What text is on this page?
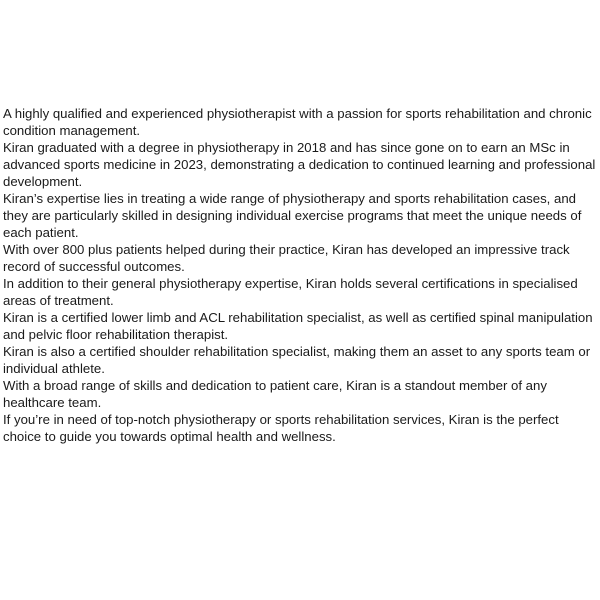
A highly qualified and experienced physiotherapist with a passion for sports rehabilitation and chronic condition management.

Kiran graduated with a degree in physiotherapy in 2018 and has since gone on to earn an MSc in advanced sports medicine in 2023, demonstrating a dedication to continued learning and professional development.

Kiran’s expertise lies in treating a wide range of physiotherapy and sports rehabilitation cases, and they are particularly skilled in designing individual exercise programs that meet the unique needs of each patient.

With over 800 plus patients helped during their practice, Kiran has developed an impressive track record of successful outcomes.

In addition to their general physiotherapy expertise, Kiran holds several certifications in specialised areas of treatment.

Kiran is a certified lower limb and ACL rehabilitation specialist, as well as certified spinal manipulation and pelvic floor rehabilitation therapist.

Kiran is also a certified shoulder rehabilitation specialist, making them an asset to any sports team or individual athlete.

With a broad range of skills and dedication to patient care, Kiran is a standout member of any healthcare team.

If you’re in need of top-notch physiotherapy or sports rehabilitation services, Kiran is the perfect choice to guide you towards optimal health and wellness.
